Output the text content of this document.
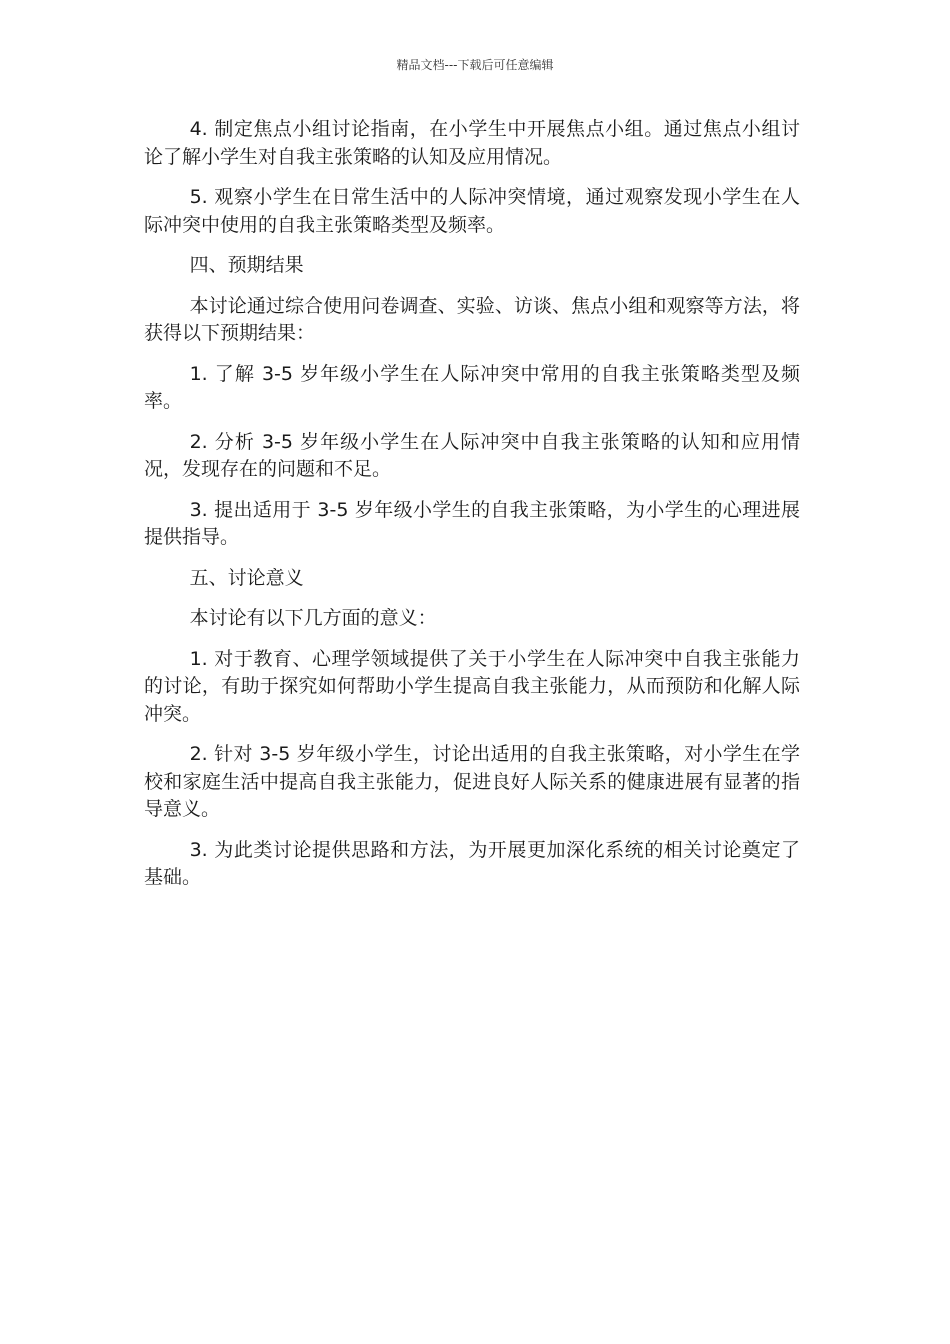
精品文档---下载后可任意编辑

4. 制定焦点小组讨论指南，在小学生中开展焦点小组。通过焦点小组讨论了解小学生对自我主张策略的认知及应用情况。

5. 观察小学生在日常生活中的人际冲突情境，通过观察发现小学生在人际冲突中使用的自我主张策略类型及频率。

四、预期结果

本讨论通过综合使用问卷调查、实验、访谈、焦点小组和观察等方法，将获得以下预期结果：

1. 了解 3-5 岁年级小学生在人际冲突中常用的自我主张策略类型及频率。

2. 分析 3-5 岁年级小学生在人际冲突中自我主张策略的认知和应用情况，发现存在的问题和不足。

3. 提出适用于 3-5 岁年级小学生的自我主张策略，为小学生的心理进展提供指导。

五、讨论意义

本讨论有以下几方面的意义：

1. 对于教育、心理学领域提供了关于小学生在人际冲突中自我主张能力的讨论，有助于探究如何帮助小学生提高自我主张能力，从而预防和化解人际冲突。

2. 针对 3-5 岁年级小学生，讨论出适用的自我主张策略，对小学生在学校和家庭生活中提高自我主张能力，促进良好人际关系的健康进展有显著的指导意义。

3. 为此类讨论提供思路和方法，为开展更加深化系统的相关讨论奠定了基础。
